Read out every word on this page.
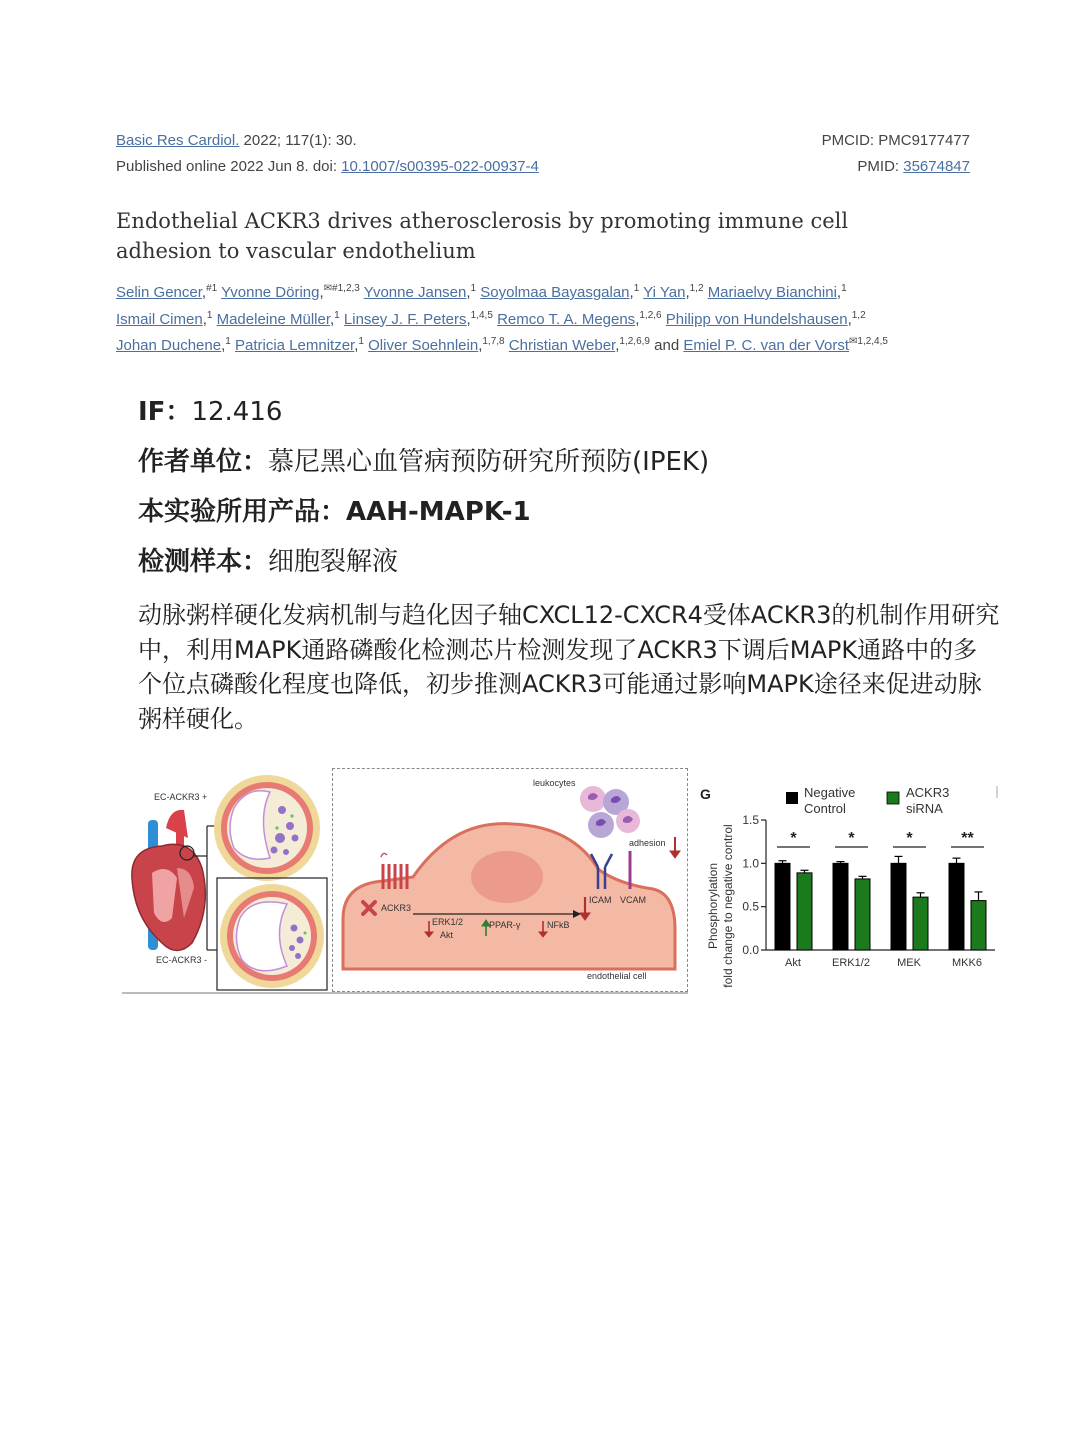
Basic Res Cardiol. 2022; 117(1): 30.	PMCID: PMC9177477
Published online 2022 Jun 8. doi: 10.1007/s00395-022-00937-4	PMID: 35674847
Endothelial ACKR3 drives atherosclerosis by promoting immune cell adhesion to vascular endothelium
Selin Gencer,$^{\#1}$ Yvonne Döring,$^{✉\#1,2,3}$ Yvonne Jansen,$^1$ Soyolmaa Bayasgalan,$^1$ Yi Yan,$^{1,2}$ Mariaelvy Bianchini,$^1$
Ismail Cimen,$^1$ Madeleine Müller,$^1$ Linsey J. F. Peters,$^{1,4,5}$ Remco T. A. Megens,$^{1,2,6}$ Philipp von Hundelshausen,$^{1,2}$
Johan Duchene,$^1$ Patricia Lemnitzer,$^1$ Oliver Soehnlein,$^{1,7,8}$ Christian Weber,$^{1,2,6,9}$ and Emiel P. C. van der Vorst$^{✉1,2,4,5}$
IF：12.416
作者单位：慕尼黑心血管病预防研究所预防(IPEK)
本实验所用产品：AAH-MAPK-1
检测样本：细胞裂解液
动脉粥样硬化发病机制与趋化因子轴CXCL12-CXCR4受体ACKR3的机制作用研究中，利用MAPK通路磷酸化检测芯片检测发现了ACKR3下调后MAPK通路中的多个位点磷酸化程度也降低，初步推测ACKR3可能通过影响MAPK途径来促进动脉粥样硬化。
EC-ACKR3 +
EC-ACKR3 -
leukocytes
adhesion
ACKR3
ERK1/2
Akt
PPAR-γ	NFkB
ICAM VCAM
endothelial cell
G
Phosphorylation fold change to negative control
Negative
Control
ACKR3
siRNA
0.0
0.5
1.0
1.5
*	*	*	**
Akt	ERK1/2 MEK	MKK6
